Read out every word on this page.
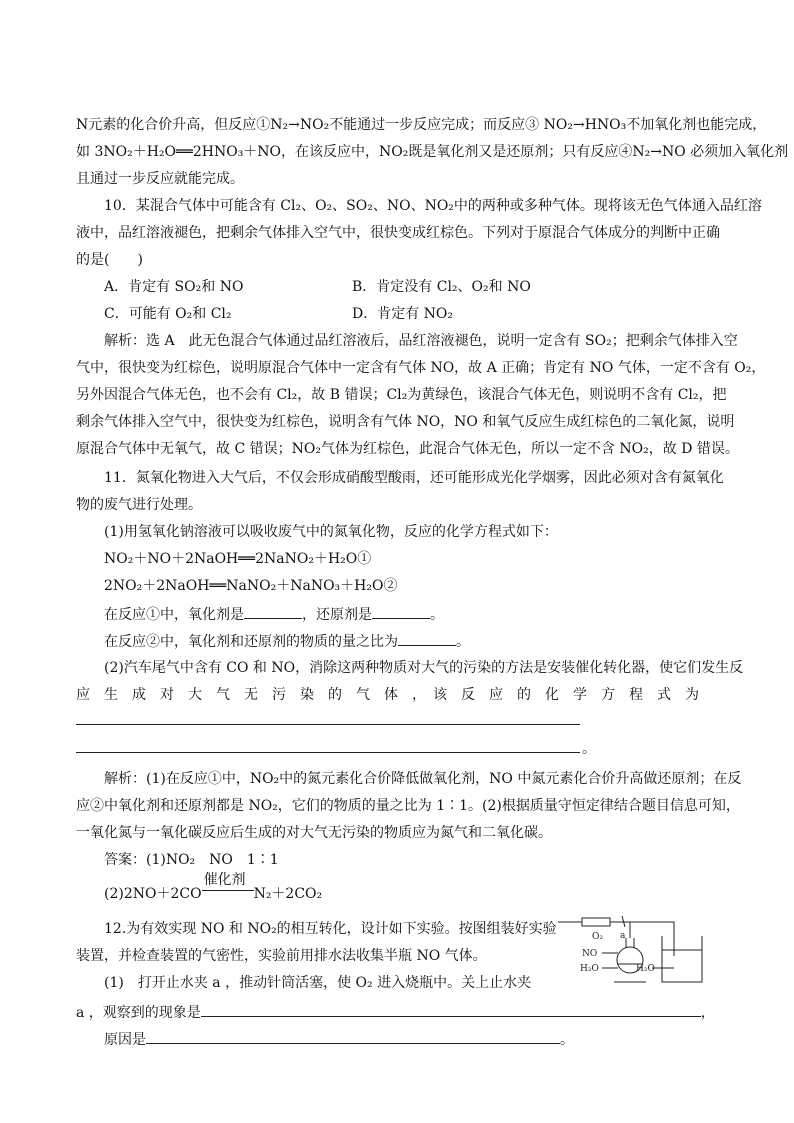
N元素的化合价升高，但反应①N₂→NO₂不能通过一步反应完成；而反应③ NO₂→HNO₃不加氧化剂也能完成，
如 3NO₂＋H₂O══2HNO₃＋NO，在该反应中，NO₂既是氧化剂又是还原剂；只有反应④N₂→NO 必须加入氧化剂
且通过一步反应就能完成。
10．某混合气体中可能含有 Cl₂、O₂、SO₂、NO、NO₂中的两种或多种气体。现将该无色气体通入品红溶
液中，品红溶液褪色，把剩余气体排入空气中，很快变成红棕色。下列对于原混合气体成分的判断中正确
的是(　　)
A．肯定有 SO₂和 NO	B．肯定没有 Cl₂、O₂和 NO
C．可能有 O₂和 Cl₂	D．肯定有 NO₂
解析：选 A　此无色混合气体通过品红溶液后，品红溶液褪色，说明一定含有 SO₂；把剩余气体排入空
气中，很快变为红棕色，说明原混合气体中一定含有气体 NO，故 A 正确；肯定有 NO 气体，一定不含有 O₂，
另外因混合气体无色，也不会有 Cl₂，故 B 错误；Cl₂为黄绿色，该混合气体无色，则说明不含有 Cl₂，把
剩余气体排入空气中，很快变为红棕色，说明含有气体 NO，NO 和氧气反应生成红棕色的二氧化氮，说明
原混合气体中无氧气，故 C 错误；NO₂气体为红棕色，此混合气体无色，所以一定不含 NO₂，故 D 错误。
11．氮氧化物进入大气后，不仅会形成硝酸型酸雨，还可能形成光化学烟雾，因此必须对含有氮氧化
物的废气进行处理。
(1)用氢氧化钠溶液可以吸收废气中的氮氧化物，反应的化学方程式如下：
NO₂＋NO＋2NaOH══2NaNO₂＋H₂O①
2NO₂＋2NaOH══NaNO₂＋NaNO₃＋H₂O②
在反应①中，氧化剂是	，还原剂是	。
在反应②中，氧化剂和还原剂的物质的量之比为	。
(2)汽车尾气中含有 CO 和 NO，消除这两种物质对大气的污染的方法是安装催化转化器，使它们发生反
应　生　成　对　大　气　无　污　染　的　气　体　，　该　反　应　的　化　学　方　程　式　为
。
解析：(1)在反应①中，NO₂中的氮元素化合价降低做氧化剂，NO 中氮元素化合价升高做还原剂；在反
应②中氧化剂和还原剂都是 NO₂，它们的物质的量之比为 1∶1。(2)根据质量守恒定律结合题目信息可知，
一氧化氮与一氧化碳反应后生成的对大气无污染的物质应为氮气和二氧化碳。
答案：(1)NO₂　NO　1∶1
(2)2NO＋2CO
催化剂
N₂＋2CO₂
12.为有效实现 NO 和 NO₂的相互转化，设计如下实验。按图组装好实验
装置，并检查装置的气密性，实验前用排水法收集半瓶 NO 气体。
(1)　打开止水夹 a ，推动针筒活塞，使 O₂ 进入烧瓶中。关上止水夹
a ，观察到的现象是	，
原因是	。
O₂ a
NO
H₂O	H₂O
